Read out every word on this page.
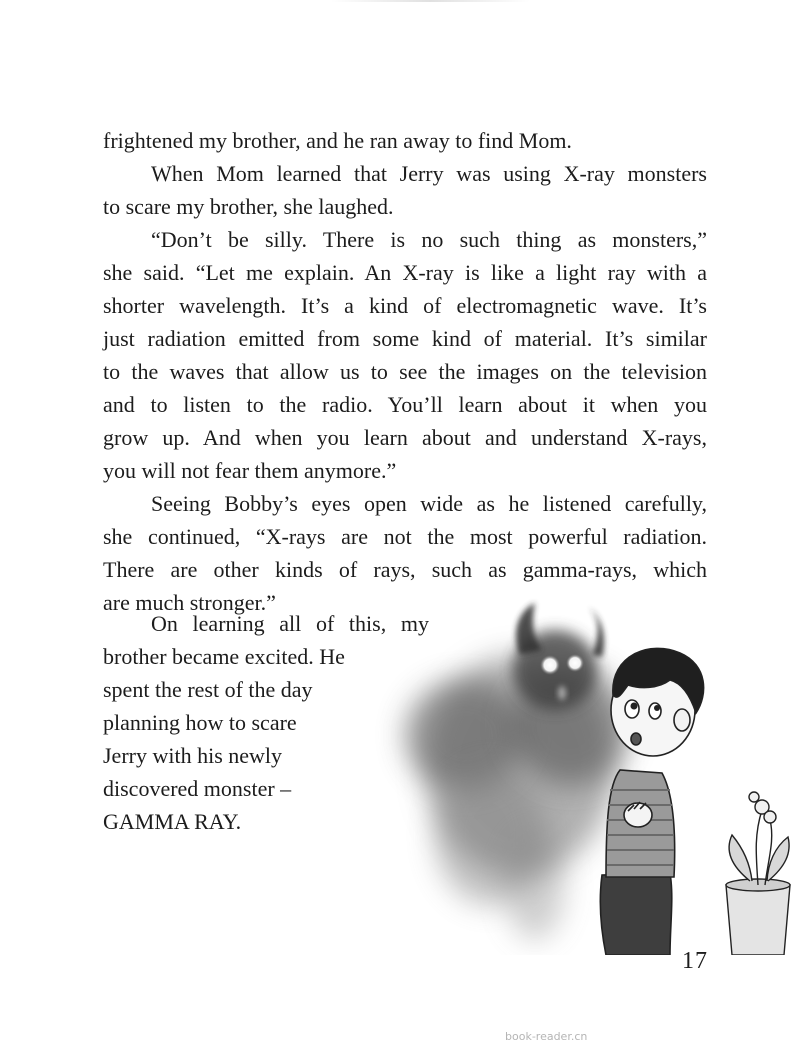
frightened my brother, and he ran away to find Mom.

When Mom learned that Jerry was using X-ray monsters
to scare my brother, she laughed.

“Don’t be silly. There is no such thing as monsters,”
she said. “Let me explain. An X-ray is like a light ray with a
shorter wavelength. It’s a kind of electromagnetic wave. It’s
just radiation emitted from some kind of material. It’s similar
to the waves that allow us to see the images on the television
and to listen to the radio. You’ll learn about it when you
grow up. And when you learn about and understand X-rays,
you will not fear them anymore.”

Seeing Bobby’s eyes open wide as he listened carefully,
she continued, “X-rays are not the most powerful radiation.
There are other kinds of rays, such as gamma-rays, which
are much stronger.”

On learning all of this, my
brother became excited. He
spent the rest of the day
planning how to scare
Jerry with his newly
discovered monster –
GAMMA RAY.

17
book-reader.cn
